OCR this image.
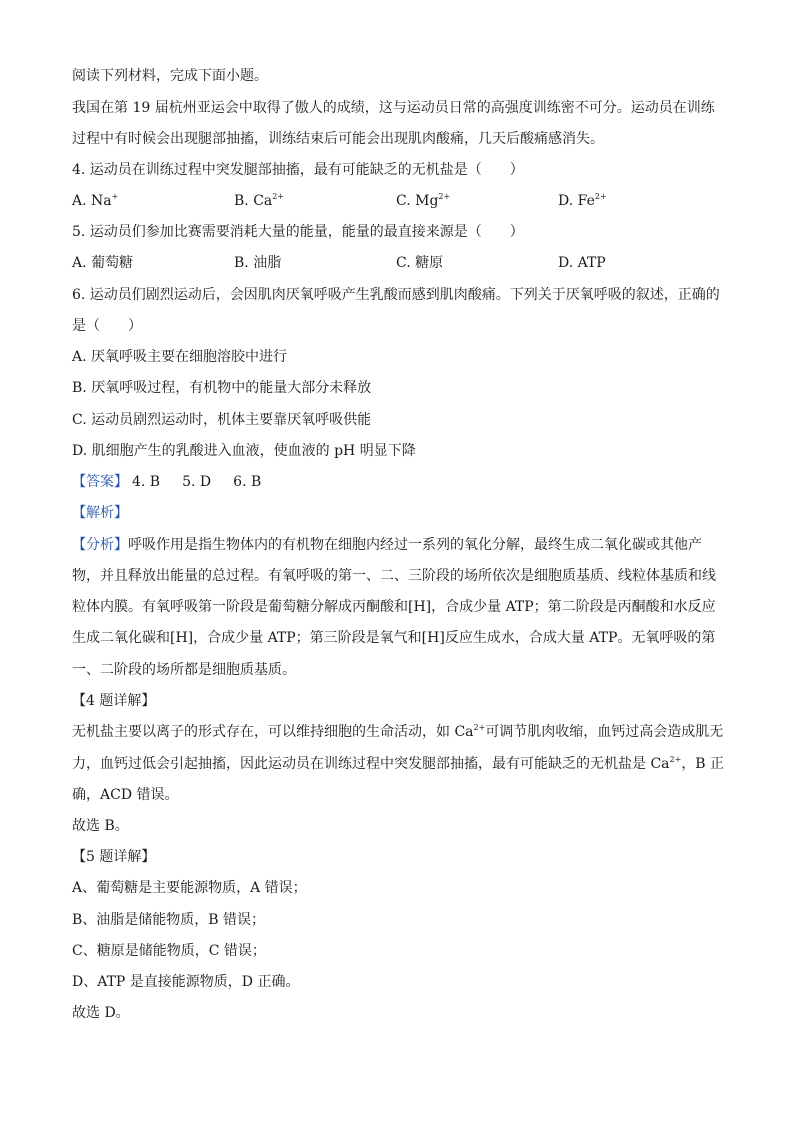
阅读下列材料，完成下面小题。
我国在第 19 届杭州亚运会中取得了傲人的成绩，这与运动员日常的高强度训练密不可分。运动员在训练
过程中有时候会出现腿部抽搐，训练结束后可能会出现肌肉酸痛，几天后酸痛感消失。
4. 运动员在训练过程中突发腿部抽搐，最有可能缺乏的无机盐是（　　）
A. Na+	B. $Ca^{2+}$	C. $Mg^{2+}$	D. $Fe^{2+}$
5. 运动员们参加比赛需要消耗大量的能量，能量的最直接来源是（　　）
A. 葡萄糖	B. 油脂	C. 糖原	D. ATP
6. 运动员们剧烈运动后，会因肌肉厌氧呼吸产生乳酸而感到肌肉酸痛。下列关于厌氧呼吸的叙述，正确的
是（　　）
A. 厌氧呼吸主要在细胞溶胶中进行
B. 厌氧呼吸过程，有机物中的能量大部分未释放
C. 运动员剧烈运动时，机体主要靠厌氧呼吸供能
D. 肌细胞产生的乳酸进入血液，使血液的 pH 明显下降
【答案】 4. B 5. D 6. B
【解析】
【分析】呼吸作用是指生物体内的有机物在细胞内经过一系列的氧化分解，最终生成二氧化碳或其他产
物，并且释放出能量的总过程。有氧呼吸的第一、二、三阶段的场所依次是细胞质基质、线粒体基质和线
粒体内膜。有氧呼吸第一阶段是葡萄糖分解成丙酮酸和[H]，合成少量 ATP；第二阶段是丙酮酸和水反应
生成二氧化碳和[H]，合成少量 ATP；第三阶段是氧气和[H]反应生成水，合成大量 ATP。无氧呼吸的第
一、二阶段的场所都是细胞质基质。
【4 题详解】
无机盐主要以离子的形式存在，可以维持细胞的生命活动，如 $Ca^{2+}$可调节肌肉收缩，血钙过高会造成肌无
力，血钙过低会引起抽搐，因此运动员在训练过程中突发腿部抽搐，最有可能缺乏的无机盐是 $Ca^{2+}$，B 正
确，ACD 错误。
故选 B。
【5 题详解】
A、葡萄糖是主要能源物质，A 错误；
B、油脂是储能物质，B 错误；
C、糖原是储能物质，C 错误；
D、ATP 是直接能源物质，D 正确。
故选 D。
